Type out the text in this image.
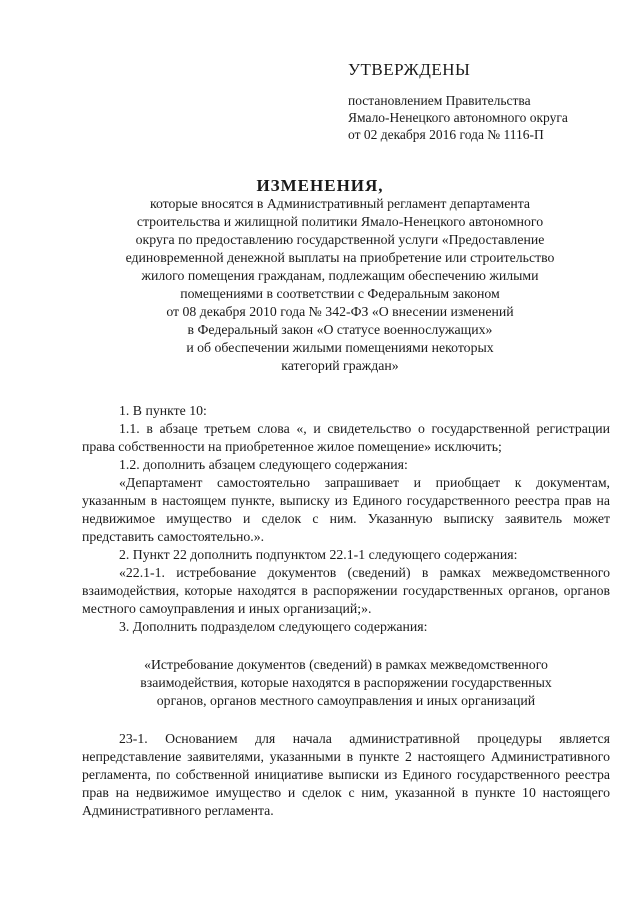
УТВЕРЖДЕНЫ
постановлением Правительства
Ямало-Ненецкого автономного округа
от 02 декабря 2016 года № 1116-П
ИЗМЕНЕНИЯ,
которые вносятся в Административный регламент департамента
строительства и жилищной политики Ямало-Ненецкого автономного
округа по предоставлению государственной услуги «Предоставление
единовременной денежной выплаты на приобретение или строительство
жилого помещения гражданам, подлежащим обеспечению жилыми
помещениями в соответствии с Федеральным законом
от 08 декабря 2010 года № 342-ФЗ «О внесении изменений
в Федеральный закон «О статусе военнослужащих»
и об обеспечении жилыми помещениями некоторых
категорий граждан»

1. В пункте 10:

1.1. в абзаце третьем слова «, и свидетельство о государственной регистрации права собственности на приобретенное жилое помещение» исключить;

1.2. дополнить абзацем следующего содержания:

«Департамент самостоятельно запрашивает и приобщает к документам, указанным в настоящем пункте, выписку из Единого государственного реестра прав на недвижимое имущество и сделок с ним. Указанную выписку заявитель может представить самостоятельно.».

2. Пункт 22 дополнить подпунктом 22.1-1 следующего содержания:

«22.1-1. истребование документов (сведений) в рамках межведомственного взаимодействия, которые находятся в распоряжении государственных органов, органов местного самоуправления и иных организаций;».

3. Дополнить подразделом следующего содержания:

«Истребование документов (сведений) в рамках межведомственного
взаимодействия, которые находятся в распоряжении государственных
органов, органов местного самоуправления и иных организаций

23-1. Основанием для начала административной процедуры является непредставление заявителями, указанными в пункте 2 настоящего Административного регламента, по собственной инициативе выписки из Единого государственного реестра прав на недвижимое имущество и сделок с ним, указанной в пункте 10 настоящего Административного регламента.
